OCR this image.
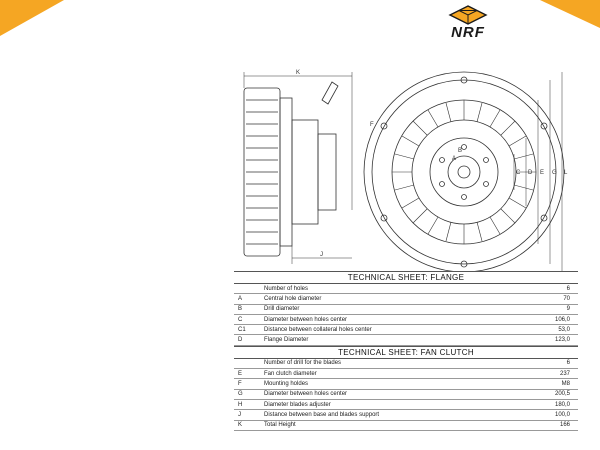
NRF
K
J
A
B
C D E
F
G L
TECHNICAL SHEET: FLANGE
	Number of holes	6
A	Central hole diameter	70
B	Drill diameter	9
C	Diameter between holes center	106,0
C1	Distance between collateral holes center	53,0
D	Flange Diameter	123,0
TECHNICAL SHEET: FAN CLUTCH
	Number of drill for the blades	6
E	Fan clutch diameter	237
F	Mounting holdes	M8
G	Diameter between holes center	200,5
H	Diameter blades adjuster	180,0
J	Distance between base and blades support	100,0
K	Total Height	166
